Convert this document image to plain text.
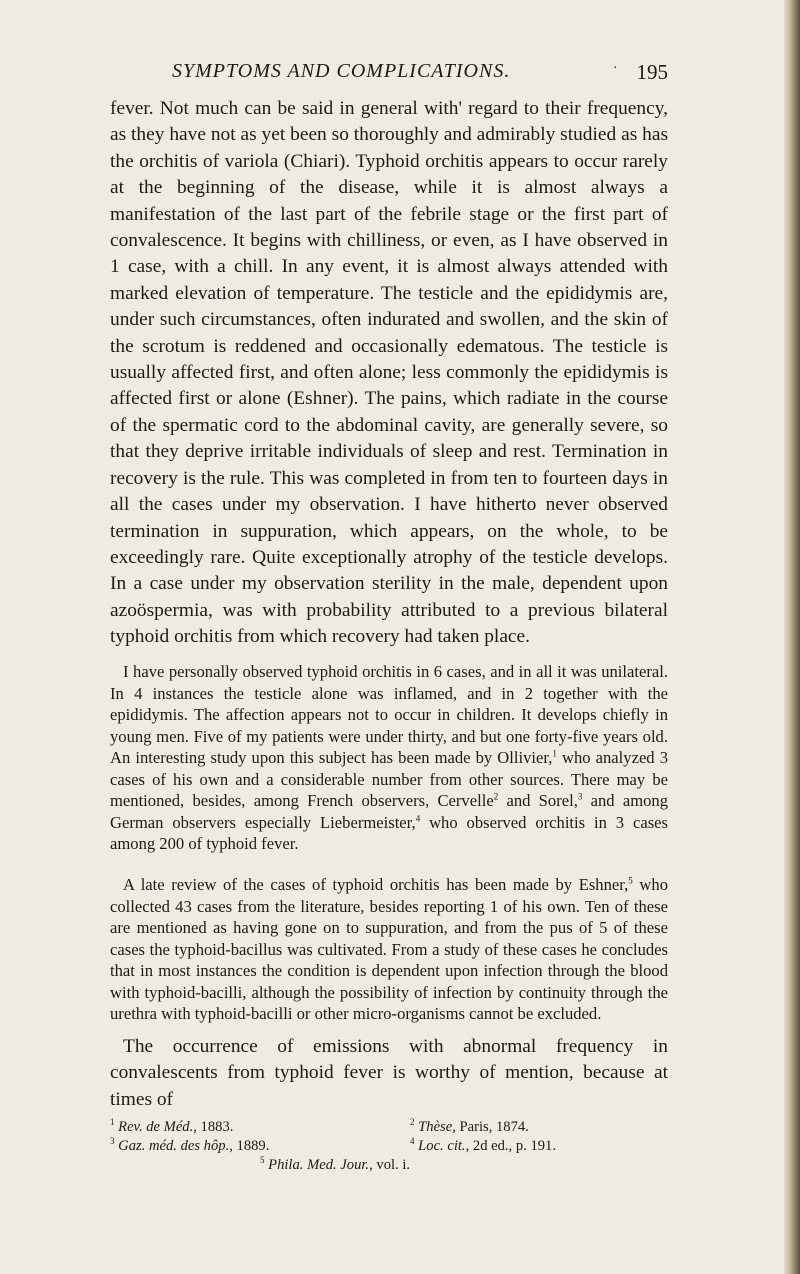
SYMPTOMS AND COMPLICATIONS.	· 195

fever. Not much can be said in general with' regard to their frequency, as they have not as yet been so thoroughly and admirably studied as has the orchitis of variola (Chiari). Typhoid orchitis appears to occur rarely at the beginning of the disease, while it is almost always a manifestation of the last part of the febrile stage or the first part of convalescence. It begins with chilliness, or even, as I have observed in 1 case, with a chill. In any event, it is almost always attended with marked elevation of temperature. The testicle and the epididymis are, under such circumstances, often indurated and swollen, and the skin of the scrotum is reddened and occasionally edematous. The testicle is usually affected first, and often alone; less commonly the epididymis is affected first or alone (Eshner). The pains, which radiate in the course of the spermatic cord to the abdominal cavity, are generally severe, so that they deprive irritable individuals of sleep and rest. Termination in recovery is the rule. This was completed in from ten to fourteen days in all the cases under my observation. I have hitherto never observed termination in suppuration, which appears, on the whole, to be exceedingly rare. Quite exceptionally atrophy of the testicle develops. In a case under my observation sterility in the male, dependent upon azoöspermia, was with probability attributed to a previous bilateral typhoid orchitis from which recovery had taken place.

I have personally observed typhoid orchitis in 6 cases, and in all it was unilateral. In 4 instances the testicle alone was inflamed, and in 2 together with the epididymis. The affection appears not to occur in children. It develops chiefly in young men. Five of my patients were under thirty, and but one forty-five years old. An interesting study upon this subject has been made by Ollivier,$^1$ who analyzed 3 cases of his own and a considerable number from other sources. There may be mentioned, besides, among French observers, Cervelle$^2$ and Sorel,$^3$ and among German observers especially Liebermeister,$^4$ who observed orchitis in 3 cases among 200 of typhoid fever.

A late review of the cases of typhoid orchitis has been made by Eshner,$^5$ who collected 43 cases from the literature, besides reporting 1 of his own. Ten of these are mentioned as having gone on to suppuration, and from the pus of 5 of these cases the typhoid-bacillus was cultivated. From a study of these cases he concludes that in most instances the condition is dependent upon infection through the blood with typhoid-bacilli, although the possibility of infection by continuity through the urethra with typhoid-bacilli or other micro-organisms cannot be excluded.

The occurrence of emissions with abnormal frequency in convalescents from typhoid fever is worthy of mention, because at times of

$^1$ Rev. de Méd., 1883.	$^2$ Thèse, Paris, 1874.
$^3$ Gaz. méd. des hôp., 1889.	$^4$ Loc. cit., 2d ed., p. 191.
$^5$ Phila. Med. Jour., vol. i.
